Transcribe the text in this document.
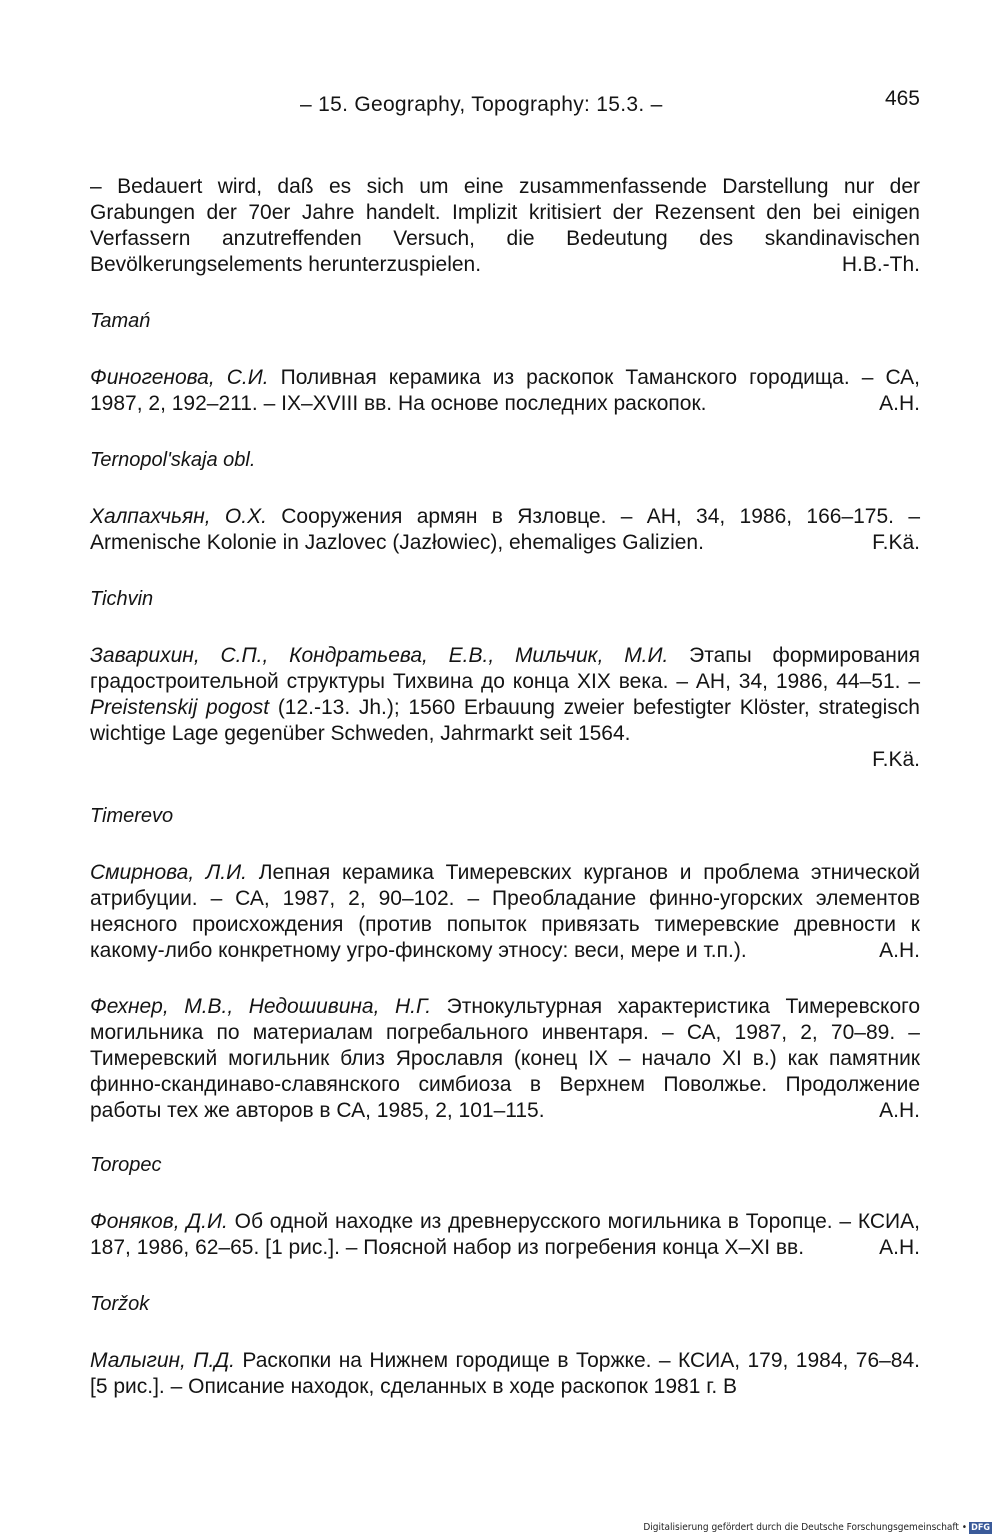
– 15. Geography, Topography: 15.3. –	465

– Bedauert wird, daß es sich um eine zusammenfassende Darstellung nur der Grabungen der 70er Jahre handelt. Implizit kritisiert der Rezensent den bei einigen Verfassern anzutreffenden Versuch, die Bedeutung des skandinavischen Bevölkerungselements herunterzuspielen.	H.B.-Th.

Tamań

Финогенова, С.И. Поливная керамика из раскопок Таманского городища. – СА, 1987, 2, 192–211. – IX–XVIII вв. На основе последних раскопок.	А.Н.

Ternopol'skaja obl.

Халпахчьян, О.Х. Сооружения армян в Язловце. – АН, 34, 1986, 166–175. – Armenische Kolonie in Jazlovec (Jazłowiec), ehemaliges Galizien.	F.Kä.

Tichvin

Заварихин, С.П., Кондратьева, Е.В., Мильчик, М.И. Этапы формирования градостроительной структуры Тихвина до конца XIX века. – АН, 34, 1986, 44–51. – Preistenskij pogost (12.-13. Jh.); 1560 Erbauung zweier befestigter Klöster, strategisch wichtige Lage gegenüber Schweden, Jahrmarkt seit 1564.

F.Kä.

Timerevo

Смирнова, Л.И. Лепная керамика Тимеревских курганов и проблема этнической атрибуции. – СА, 1987, 2, 90–102. – Преобладание финно-угорских элементов неясного происхождения (против попыток привязать тимеревские древности к какому-либо конкретному угро-финскому этносу: веси, мере и т.п.).	А.Н.

Фехнер, М.В., Недошивина, Н.Г. Этнокультурная характеристика Тимеревского могильника по материалам погребального инвентаря. – СА, 1987, 2, 70–89. – Тимеревский могильник близ Ярославля (конец IX – начало XI в.) как памятник финно-скандинаво-славянского симбиоза в Верхнем Поволжье. Продолжение работы тех же авторов в СА, 1985, 2, 101–115.	А.Н.

Toropec

Фоняков, Д.И. Об одной находке из древнерусского могильника в Торопце. – КСИА, 187, 1986, 62–65. [1 рис.]. – Поясной набор из погребения конца X–XI вв.	А.Н.

Toržok

Малыгин, П.Д. Раскопки на Нижнем городище в Торжке. – КСИА, 179, 1984, 76–84. [5 рис.]. – Описание находок, сделанных в ходе раскопок 1981 г. В

Digitalisierung gefördert durch die Deutsche Forschungsgemeinschaft • DFG
